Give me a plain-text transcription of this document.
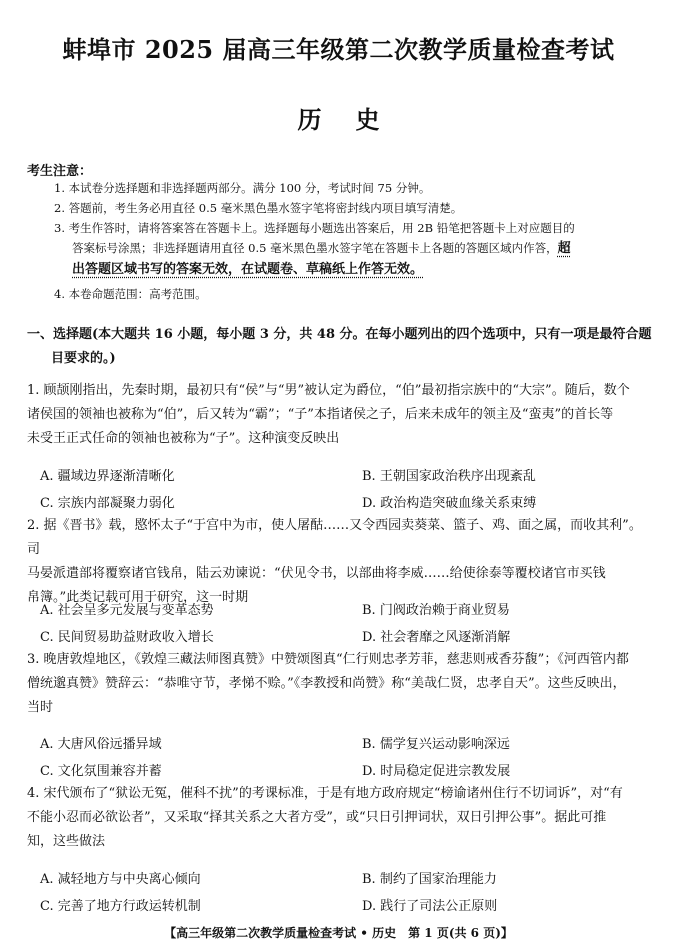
蚌埠市 2025 届高三年级第二次教学质量检查考试
历史
考生注意：
1. 本试卷分选择题和非选择题两部分。满分 100 分，考试时间 75 分钟。
2. 答题前，考生务必用直径 0.5 毫米黑色墨水签字笔将密封线内项目填写清楚。
3. 考生作答时，请将答案答在答题卡上。选择题每小题选出答案后，用 2B 铅笔把答题卡上对应题目的
答案标号涂黑；非选择题请用直径 0.5 毫米黑色墨水签字笔在答题卡上各题的答题区域内作答，超
出答题区域书写的答案无效，在试题卷、草稿纸上作答无效。
4. 本卷命题范围：高考范围。
一、选择题(本大题共 16 小题，每小题 3 分，共 48 分。在每小题列出的四个选项中，只有一项是最符合题
目要求的。)
1. 顾颉刚指出，先秦时期，最初只有“侯”与“男”被认定为爵位，“伯”最初指宗族中的“大宗”。随后，数个
诸侯国的领袖也被称为“伯”，后又转为“霸”；“子”本指诸侯之子，后来未成年的领主及“蛮夷”的首长等
未受王正式任命的领袖也被称为“子”。这种演变反映出
A. 疆域边界逐渐清晰化	B. 王朝国家政治秩序出现紊乱
C. 宗族内部凝聚力弱化	D. 政治构造突破血缘关系束缚
2. 据《晋书》载，愍怀太子“于宫中为市，使人屠酤……又令西园卖葵菜、篮子、鸡、面之属，而收其利”。司
马晏派遣部将覆察诸官钱帛，陆云劝谏说：“伏见令书，以部曲将李威……给使徐泰等覆校诸官市买钱
帛簿。”此类记载可用于研究，这一时期
A. 社会呈多元发展与变革态势	B. 门阀政治赖于商业贸易
C. 民间贸易助益财政收入增长	D. 社会奢靡之风逐渐消解
3. 晚唐敦煌地区，《敦煌三藏法师图真赞》中赞颂图真“仁行则忠孝芳菲，慈悲则戒香芬馥”；《河西管内都
僧统邈真赞》赞辞云：“恭唯守节，孝悌不赊。”《李教授和尚赞》称“美哉仁贤，忠孝自天”。这些反映出，
当时
A. 大唐风俗远播异域	B. 儒学复兴运动影响深远
C. 文化氛围兼容并蓄	D. 时局稳定促进宗教发展
4. 宋代颁布了“狱讼无冤，催科不扰”的考课标准，于是有地方政府规定“榜谕诸州住行不切词诉”，对“有
不能小忍而必欲讼者”，又采取“择其关系之大者方受”，或“只日引押词状，双日引押公事”。据此可推
知，这些做法
A. 减轻地方与中央离心倾向	B. 制约了国家治理能力
C. 完善了地方行政运转机制	D. 践行了司法公正原则
【高三年级第二次教学质量检查考试 • 历史　第 1 页(共 6 页)】
